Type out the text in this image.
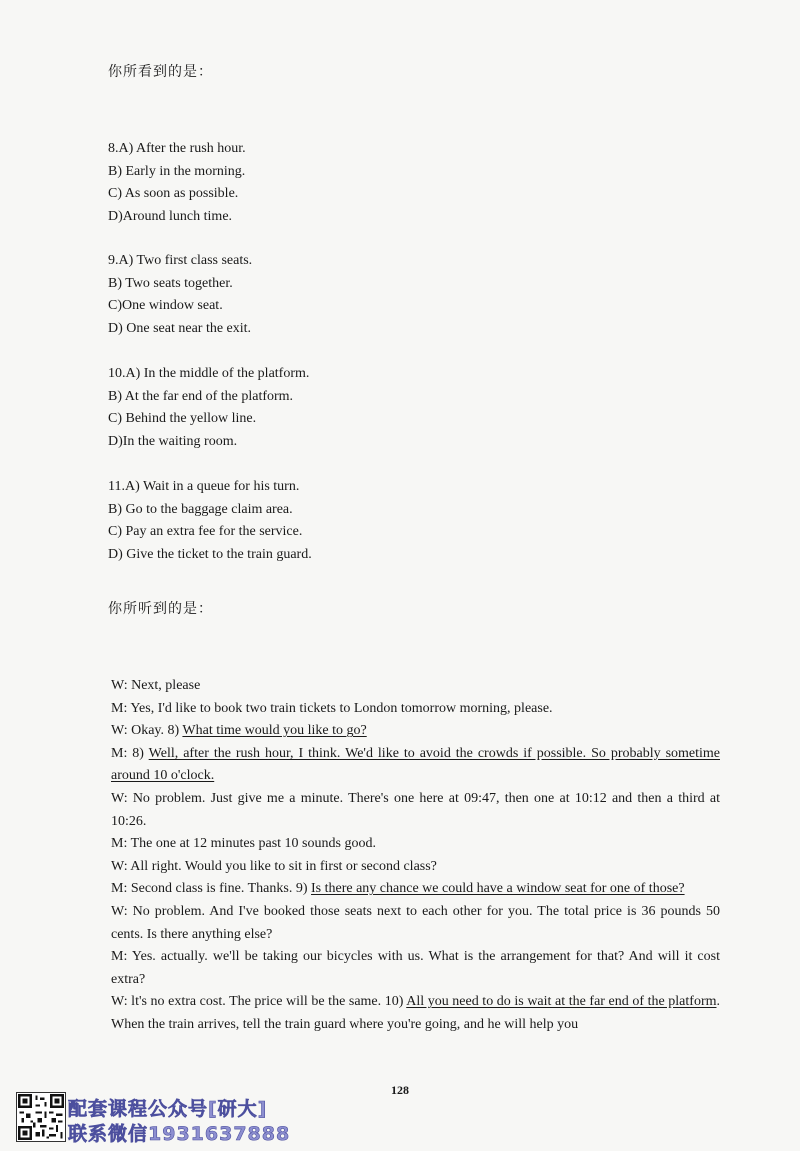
你所看到的是：
8.A) After the rush hour.
B) Early in the morning.
C) As soon as possible.
D)Around lunch time.
9.A) Two first class seats.
B) Two seats together.
C)One window seat.
D) One seat near the exit.
10.A) In the middle of the platform.
B) At the far end of the platform.
C) Behind the yellow line.
D)In the waiting room.
11.A) Wait in a queue for his turn.
B) Go to the baggage claim area.
C) Pay an extra fee for the service.
D) Give the ticket to the train guard.
你所听到的是：

W: Next, please

M: Yes, I'd like to book two train tickets to London tomorrow morning, please.

W: Okay. 8) What time would you like to go?

M: 8) Well, after the rush hour, I think. We'd like to avoid the crowds if possible. So probably sometime around 10 o'clock.

W: No problem. Just give me a minute. There's one here at 09:47, then one at 10:12 and then a third at 10:26.

M: The one at 12 minutes past 10 sounds good.

W: All right. Would you like to sit in first or second class?

M: Second class is fine. Thanks. 9) Is there any chance we could have a window seat for one of those?

W: No problem. And I've booked those seats next to each other for you. The total price is 36 pounds 50 cents. Is there anything else?

M: Yes. actually. we'll be taking our bicycles with us. What is the arrangement for that? And will it cost extra?

W: lt's no extra cost. The price will be the same. 10) All you need to do is wait at the far end of the platform. When the train arrives, tell the train guard where you're going, and he will help you

128
配套课程公众号[研大]
联系微信1931637888
